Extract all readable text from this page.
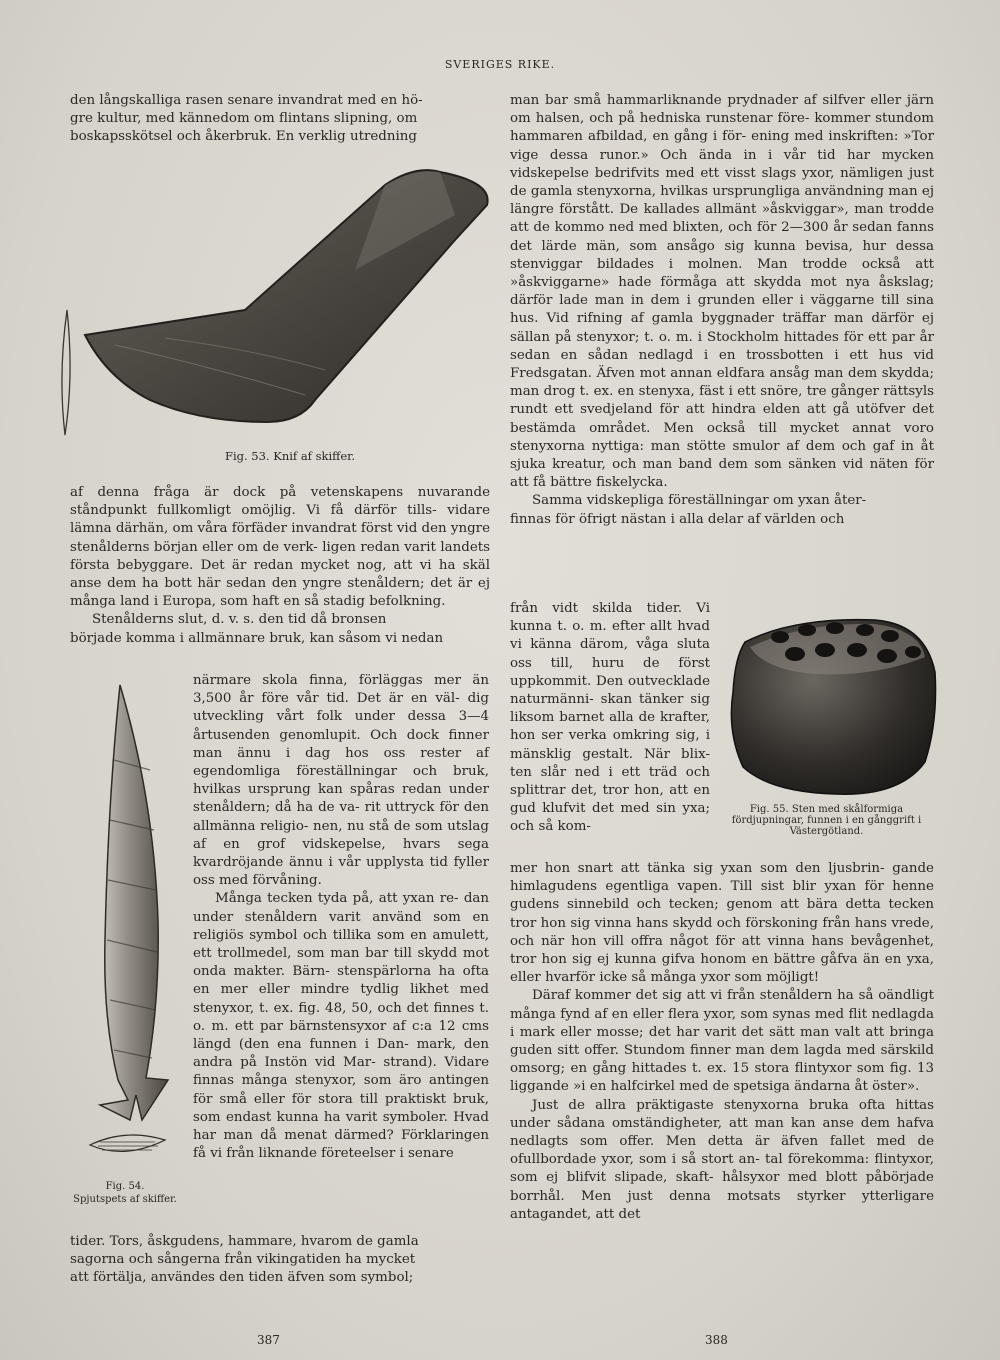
SVERIGES RIKE.

den långskalliga rasen senare invandrat med en hö-

gre kultur, med kännedom om flintans slipning, om

boskapsskötsel och åkerbruk. En verklig utredning

Fig. 53. Knif af skiffer.

af denna fråga är dock på vetenskapens nuvarande ståndpunkt fullkomligt omöjlig. Vi få därför tills- vidare lämna därhän, om våra förfäder invandrat först vid den yngre stenålderns början eller om de verk- ligen redan varit landets första bebyggare. Det är redan mycket nog, att vi ha skäl anse dem ha bott här sedan den yngre stenåldern; det är ej många land i Europa, som haft en så stadig befolkning.

Stenålderns slut, d. v. s. den tid då bronsen

började komma i allmännare bruk, kan såsom vi nedan

närmare skola finna, förläggas mer än 3,500 år före vår tid. Det är en väl- dig utveckling vårt folk under dessa 3—4 årtusenden genomlupit. Och dock finner man ännu i dag hos oss rester af egendomliga föreställningar och bruk, hvilkas ursprung kan spåras redan under stenåldern; då ha de va- rit uttryck för den allmänna religio- nen, nu stå de som utslag af en grof vidskepelse, hvars sega kvardröjande ännu i vår upplysta tid fyller oss med förvåning.

Många tecken tyda på, att yxan re- dan under stenåldern varit använd som en religiös symbol och tillika som en amulett, ett trollmedel, som man bar till skydd mot onda makter. Bärn- stenspärlorna ha ofta en mer eller mindre tydlig likhet med stenyxor, t. ex. fig. 48, 50, och det finnes t. o. m. ett par bärnstensyxor af c:a 12 cms längd (den ena funnen i Dan- mark, den andra på Instön vid Mar- strand). Vidare finnas många stenyxor, som äro antingen för små eller för stora till praktiskt bruk, som endast kunna ha varit symboler. Hvad har man då menat därmed? Förklaringen få vi från liknande företeelser i senare

Fig. 54.
Spjutspets af skiffer.

tider. Tors, åskgudens, hammare, hvarom de gamla

sagorna och sångerna från vikingatiden ha mycket

att förtälja, användes den tiden äfven som symbol;

387

man bar små hammarliknande prydnader af silfver eller järn om halsen, och på hedniska runstenar före- kommer stundom hammaren afbildad, en gång i för- ening med inskriften: »Tor vige dessa runor.» Och ända in i vår tid har mycken vidskepelse bedrifvits med ett visst slags yxor, nämligen just de gamla stenyxorna, hvilkas ursprungliga användning man ej längre förstått. De kallades allmänt »åskviggar», man trodde att de kommo ned med blixten, och för 2—300 år sedan fanns det lärde män, som ansågo sig kunna bevisa, hur dessa stenviggar bildades i molnen. Man trodde också att »åskviggarne» hade förmåga att skydda mot nya åskslag; därför lade man in dem i grunden eller i väggarne till sina hus. Vid rifning af gamla byggnader träffar man därför ej sällan på stenyxor; t. o. m. i Stockholm hittades för ett par år sedan en sådan nedlagd i en trossbotten i ett hus vid Fredsgatan. Äfven mot annan eldfara ansåg man dem skydda; man drog t. ex. en stenyxa, fäst i ett snöre, tre gånger rättsyls rundt ett svedjeland för att hindra elden att gå utöfver det bestämda området. Men också till mycket annat voro stenyxorna nyttiga: man stötte smulor af dem och gaf in åt sjuka kreatur, och man band dem som sänken vid näten för att få bättre fiskelycka.

Samma vidskepliga föreställningar om yxan åter-

finnas för öfrigt nästan i alla delar af världen och

från vidt skilda tider. Vi kunna t. o. m. efter allt hvad vi känna därom, våga sluta oss till, huru de först uppkommit. Den outvecklade naturmänni- skan tänker sig liksom barnet alla de krafter, hon ser verka omkring sig, i mänsklig gestalt. När blix- ten slår ned i ett träd och splittrar det, tror hon, att en gud klufvit det med sin yxa; och så kom-

Fig. 55. Sten med skålformiga fördjupningar, funnen i en gånggrift i Västergötland.

mer hon snart att tänka sig yxan som den ljusbrin- gande himlagudens egentliga vapen. Till sist blir yxan för henne gudens sinnebild och tecken; genom att bära detta tecken tror hon sig vinna hans skydd och förskoning från hans vrede, och när hon vill offra något för att vinna hans bevågenhet, tror hon sig ej kunna gifva honom en bättre gåfva än en yxa, eller hvarför icke så många yxor som möjligt!

Däraf kommer det sig att vi från stenåldern ha så oändligt många fynd af en eller flera yxor, som synas med flit nedlagda i mark eller mosse; det har varit det sätt man valt att bringa guden sitt offer. Stundom finner man dem lagda med särskild omsorg; en gång hittades t. ex. 15 stora flintyxor som fig. 13 liggande »i en halfcirkel med de spetsiga ändarna åt öster».

Just de allra präktigaste stenyxorna bruka ofta hittas under sådana omständigheter, att man kan anse dem hafva nedlagts som offer. Men detta är äfven fallet med de ofullbordade yxor, som i så stort an- tal förekomma: flintyxor, som ej blifvit slipade, skaft- hålsyxor med blott påbörjade borrhål. Men just denna motsats styrker ytterligare antagandet, att det

388
